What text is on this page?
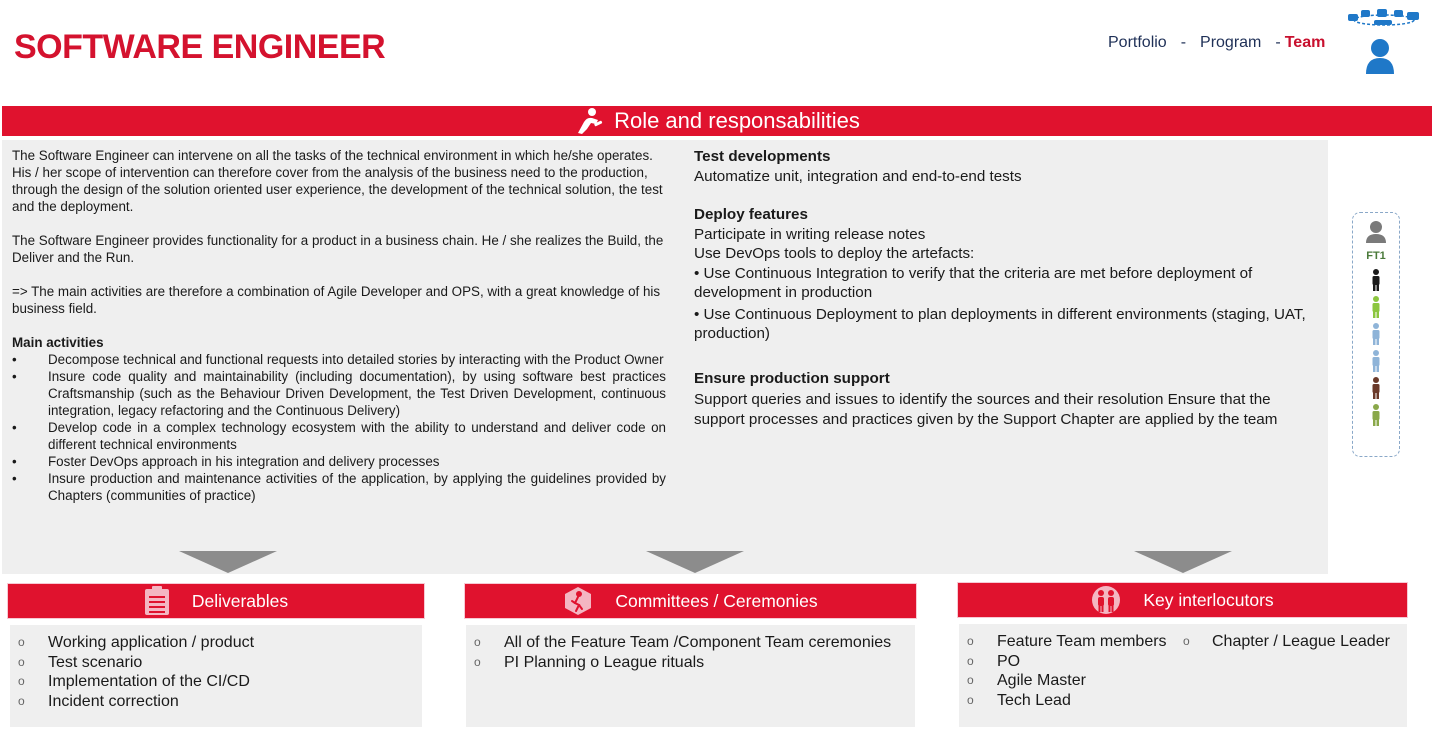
SOFTWARE ENGINEER	Portfolio - Program - Team
Role and responsabilities

The Software Engineer can intervene on all the tasks of the technical environment in which he/she operates. His / her scope of intervention can therefore cover from the analysis of the business need to the production, through the design of the solution oriented user experience, the development of the technical solution, the test and the deployment.

The Software Engineer provides functionality for a product in a business chain. He / she realizes the Build, the Deliver and the Run.

=> The main activities are therefore a combination of Agile Developer and OPS, with a great knowledge of his business field.

Main activities
• Decompose technical and functional requests into detailed stories by interacting with the Product Owner
• Insure code quality and maintainability (including documentation), by using software best practices Craftsmanship (such as the Behaviour Driven Development, the Test Driven Development, continuous integration, legacy refactoring and the Continuous Delivery)
• Develop code in a complex technology ecosystem with the ability to understand and deliver code on different technical environments
• Foster DevOps approach in his integration and delivery processes
• Insure production and maintenance activities of the application, by applying the guidelines provided by Chapters (communities of practice)
Test developments

Automatize unit, integration and end-to-end tests

Deploy features

Participate in writing release notes

Use DevOps tools to deploy the artefacts:

• Use Continuous Integration to verify that the criteria are met before deployment of development in production

• Use Continuous Deployment to plan deployments in different environments (staging, UAT, production)

Ensure production support

Support queries and issues to identify the sources and their resolution Ensure that the support processes and practices given by the Support Chapter are applied by the team

FT1
Deliverables
o Working application / product
o Test scenario
o Implementation of the CI/CD
o Incident correction
Committees / Ceremonies
o All of the Feature Team /Component Team ceremonies
o PI Planning o League rituals
Key interlocutors
o Feature Team members
o PO
o Agile Master
o Tech Lead
o Chapter / League Leader
